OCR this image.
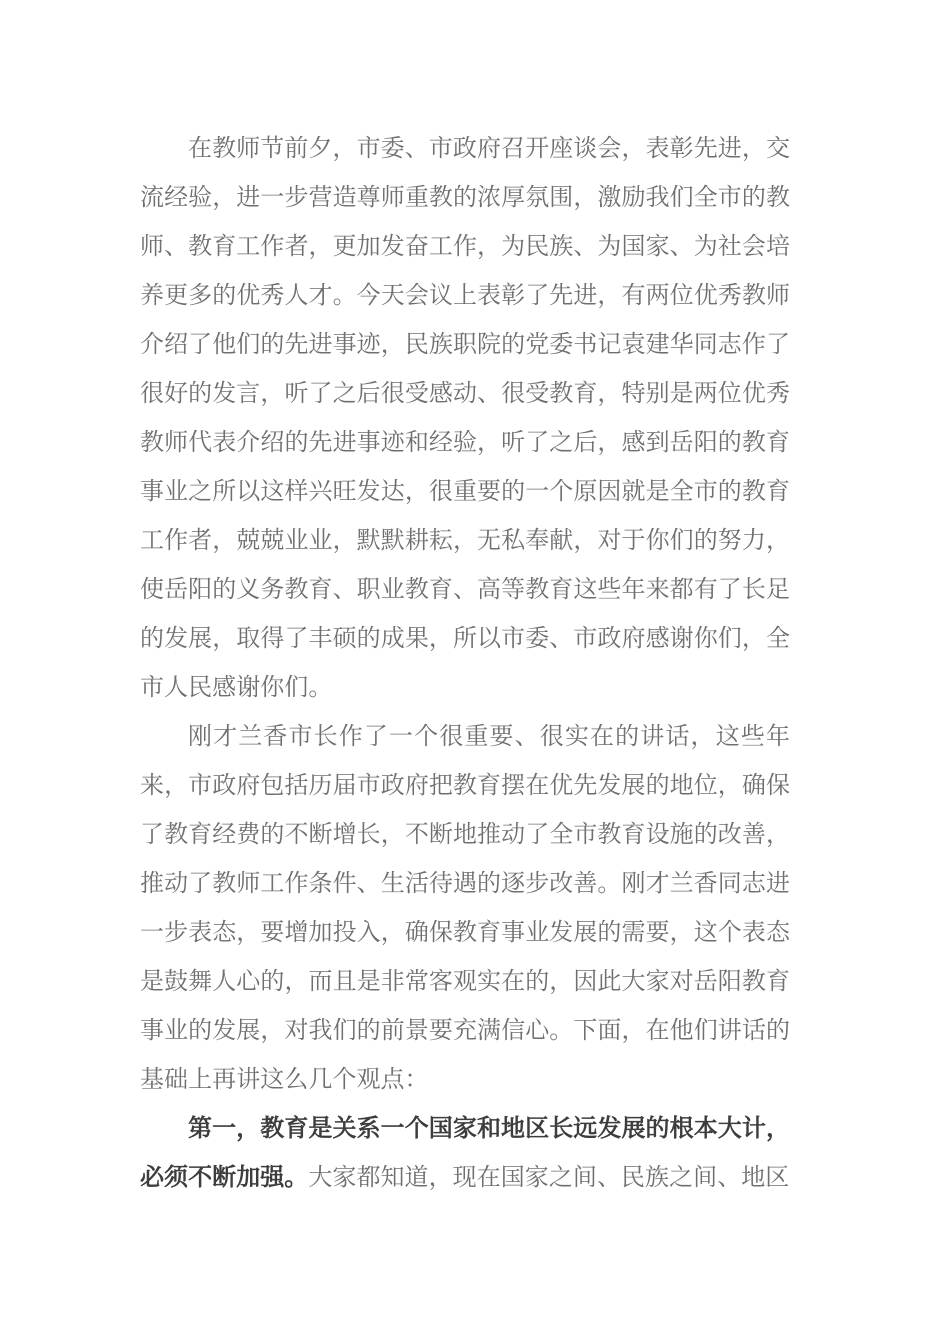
在教师节前夕，市委、市政府召开座谈会，表彰先进，交流经验，进一步营造尊师重教的浓厚氛围，激励我们全市的教师、教育工作者，更加发奋工作，为民族、为国家、为社会培养更多的优秀人才。今天会议上表彰了先进，有两位优秀教师介绍了他们的先进事迹，民族职院的党委书记袁建华同志作了很好的发言，听了之后很受感动、很受教育，特别是两位优秀教师代表介绍的先进事迹和经验，听了之后，感到岳阳的教育事业之所以这样兴旺发达，很重要的一个原因就是全市的教育工作者，兢兢业业，默默耕耘，无私奉献，对于你们的努力，使岳阳的义务教育、职业教育、高等教育这些年来都有了长足的发展，取得了丰硕的成果，所以市委、市政府感谢你们，全市人民感谢你们。

刚才兰香市长作了一个很重要、很实在的讲话，这些年来，市政府包括历届市政府把教育摆在优先发展的地位，确保了教育经费的不断增长，不断地推动了全市教育设施的改善，推动了教师工作条件、生活待遇的逐步改善。刚才兰香同志进一步表态，要增加投入，确保教育事业发展的需要，这个表态是鼓舞人心的，而且是非常客观实在的，因此大家对岳阳教育事业的发展，对我们的前景要充满信心。下面，在他们讲话的基础上再讲这么几个观点：

第一，教育是关系一个国家和地区长远发展的根本大计，必须不断加强。大家都知道，现在国家之间、民族之间、地区
